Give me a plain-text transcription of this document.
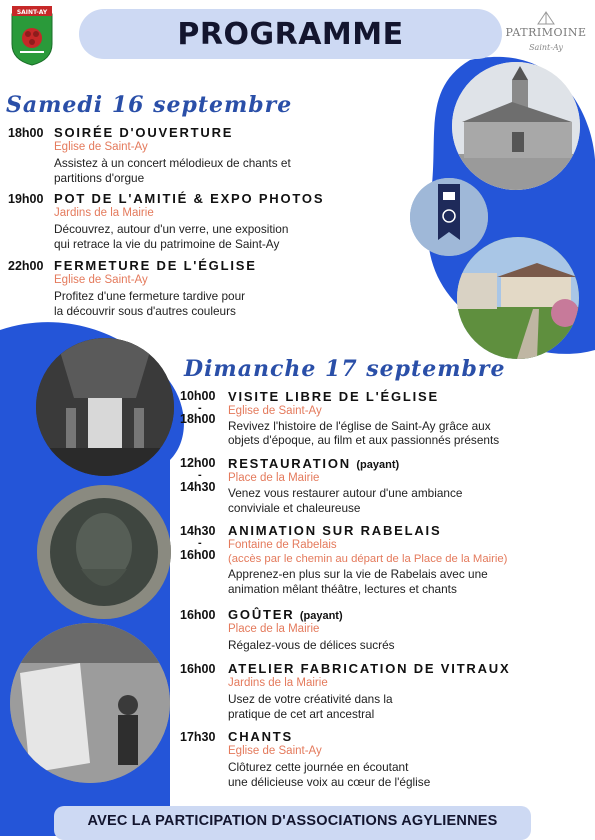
SAINT-AY
PROGRAMME	PATRIMOINE
Saint-Ay
Samedi 16 septembre
18h00 SOIRÉE D'OUVERTURE
Eglise de Saint-Ay
Assistez à un concert mélodieux de chants et
partitions d'orgue
19h00 POT DE L'AMITIÉ & EXPO PHOTOS
Jardins de la Mairie
Découvrez, autour d'un verre, une exposition
qui retrace la vie du patrimoine de Saint-Ay
22h00 FERMETURE DE L'ÉGLISE
Eglise de Saint-Ay
Profitez d'une fermeture tardive pour
la découvrir sous d'autres couleurs
Dimanche 17 septembre
10h00
-
18h00
VISITE LIBRE DE L'ÉGLISE
Eglise de Saint-Ay
Revivez l'histoire de l'église de Saint-Ay grâce aux
objets d'époque, au film et aux passionnés présents
12h00
-
14h30
RESTAURATION (payant)
Place de la Mairie
Venez vous restaurer autour d'une ambiance
conviviale et chaleureuse
14h30
-
16h00
ANIMATION SUR RABELAIS
Fontaine de Rabelais
(accès par le chemin au départ de la Place de la Mairie)
Apprenez-en plus sur la vie de Rabelais avec une
animation mêlant théâtre, lectures et chants
16h00 GOÛTER (payant)
Place de la Mairie
Régalez-vous de délices sucrés
16h00 ATELIER FABRICATION DE VITRAUX
Jardins de la Mairie
Usez de votre créativité dans la
pratique de cet art ancestral
17h30 CHANTS
Eglise de Saint-Ay
Clôturez cette journée en écoutant
une délicieuse voix au cœur de l'église
AVEC LA PARTICIPATION D'ASSOCIATIONS AGYLIENNES
